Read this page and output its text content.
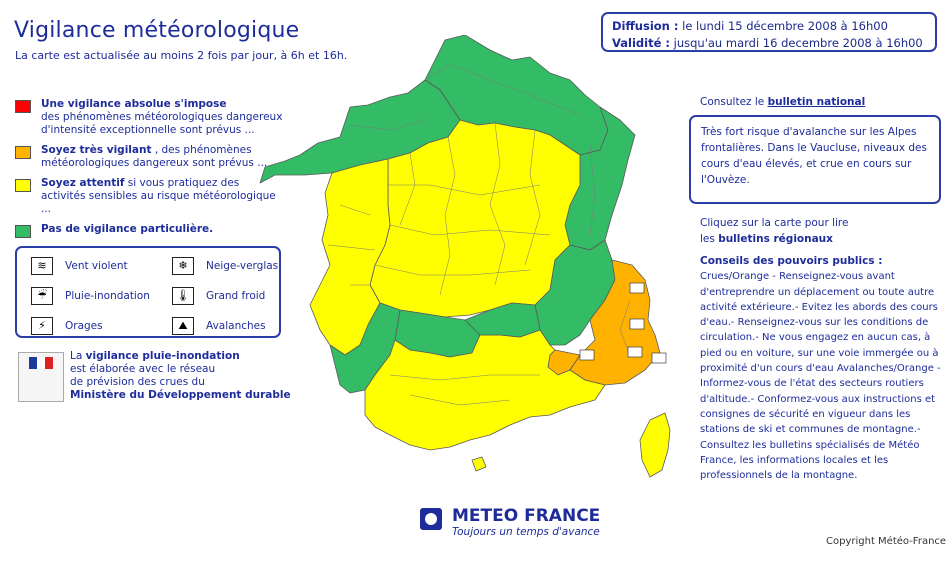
Vigilance météorologique
La carte est actualisée au moins 2 fois par jour, à 6h et 16h.
Diffusion : le lundi 15 décembre 2008 à 16h00
Validité : jusqu'au mardi 16 decembre 2008 à 16h00
Une vigilance absolue s'impose
des phénomènes météorologiques dangereux d'intensité exceptionnelle sont prévus ...
Soyez très vigilant , des phénomènes météorologiques dangereux sont prévus ...
Soyez attentif si vous pratiquez des activités sensibles au risque météorologique ...
Pas de vigilance particulière.
≋	Vent violent	❄	Neige-verglas
☔	Pluie-inondation	🌡	Grand froid
⚡	Orages	⛰	Avalanches
La vigilance pluie-inondation
est élaborée avec le réseau
de prévision des crues du
Ministère du Développement durable
Consultez le bulletin national
Très fort risque d'avalanche sur les Alpes frontalières. Dans le Vaucluse, niveaux des cours d'eau élevés, et crue en cours sur l'Ouvèze.
Cliquez sur la carte pour lire
les bulletins régionaux
Conseils des pouvoirs publics :
Crues/Orange - Renseignez-vous avant d'entreprendre un déplacement ou toute autre activité extérieure.- Evitez les abords des cours d'eau.- Renseignez-vous sur les conditions de circulation.- Ne vous engagez en aucun cas, à pied ou en voiture, sur une voie immergée ou à proximité d'un cours d'eau Avalanches/Orange - Informez-vous de l'état des secteurs routiers d'altitude.- Conformez-vous aux instructions et consignes de sécurité en vigueur dans les stations de ski et communes de montagne.- Consultez les bulletins spécialisés de Météo France, les informations locales et les professionnels de la montagne.
METEO FRANCE
Toujours un temps d'avance
Copyright Météo-France
